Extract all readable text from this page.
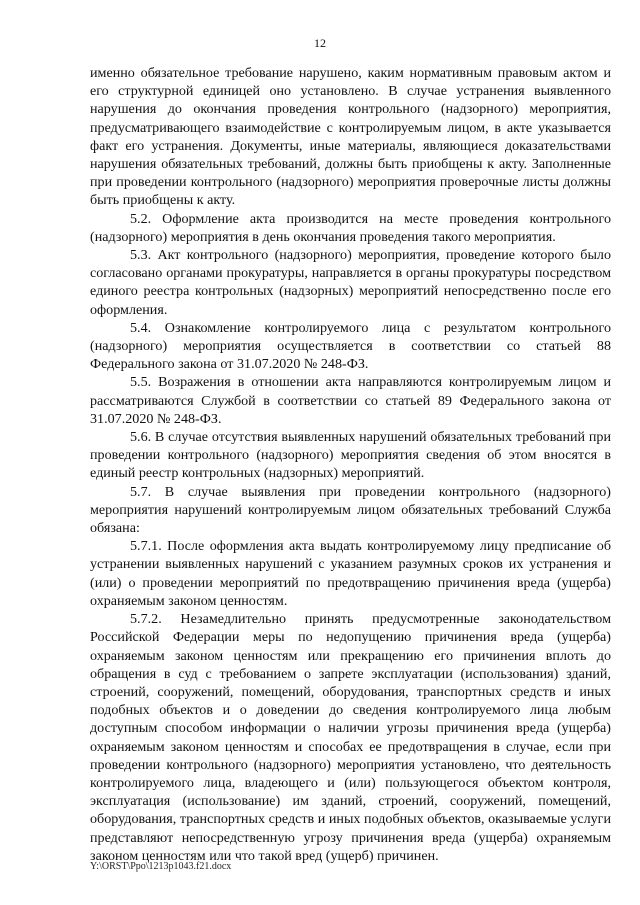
12

именно обязательное требование нарушено, каким нормативным правовым актом и его структурной единицей оно установлено. В случае устранения выявленного нарушения до окончания проведения контрольного (надзорного) мероприятия, предусматривающего взаимодействие с контролируемым лицом, в акте указывается факт его устранения. Документы, иные материалы, являющиеся доказательствами нарушения обязательных требований, должны быть приобщены к акту. Заполненные при проведении контрольного (надзорного) мероприятия проверочные листы должны быть приобщены к акту.

5.2. Оформление акта производится на месте проведения контрольного (надзорного) мероприятия в день окончания проведения такого мероприятия.

5.3. Акт контрольного (надзорного) мероприятия, проведение которого было согласовано органами прокуратуры, направляется в органы прокуратуры посредством единого реестра контрольных (надзорных) мероприятий непосредственно после его оформления.

5.4. Ознакомление контролируемого лица с результатом контрольного (надзорного) мероприятия осуществляется в соответствии со статьей 88 Федерального закона от 31.07.2020 № 248-ФЗ.

5.5. Возражения в отношении акта направляются контролируемым лицом и рассматриваются Службой в соответствии со статьей 89 Федерального закона от 31.07.2020 № 248-ФЗ.

5.6. В случае отсутствия выявленных нарушений обязательных требований при проведении контрольного (надзорного) мероприятия сведения об этом вносятся в единый реестр контрольных (надзорных) мероприятий.

5.7. В случае выявления при проведении контрольного (надзорного) мероприятия нарушений контролируемым лицом обязательных требований Служба обязана:

5.7.1. После оформления акта выдать контролируемому лицу предписание об устранении выявленных нарушений с указанием разумных сроков их устранения и (или) о проведении мероприятий по предотвращению причинения вреда (ущерба) охраняемым законом ценностям.

5.7.2. Незамедлительно принять предусмотренные законодательством Российской Федерации меры по недопущению причинения вреда (ущерба) охраняемым законом ценностям или прекращению его причинения вплоть до обращения в суд с требованием о запрете эксплуатации (использования) зданий, строений, сооружений, помещений, оборудования, транспортных средств и иных подобных объектов и о доведении до сведения контролируемого лица любым доступным способом информации о наличии угрозы причинения вреда (ущерба) охраняемым законом ценностям и способах ее предотвращения в случае, если при проведении контрольного (надзорного) мероприятия установлено, что деятельность контролируемого лица, владеющего и (или) пользующегося объектом контроля, эксплуатация (использование) им зданий, строений, сооружений, помещений, оборудования, транспортных средств и иных подобных объектов, оказываемые услуги представляют непосредственную угрозу причинения вреда (ущерба) охраняемым законом ценностям или что такой вред (ущерб) причинен.

Y:\ORST\Ppo\1213p1043.f21.docx
